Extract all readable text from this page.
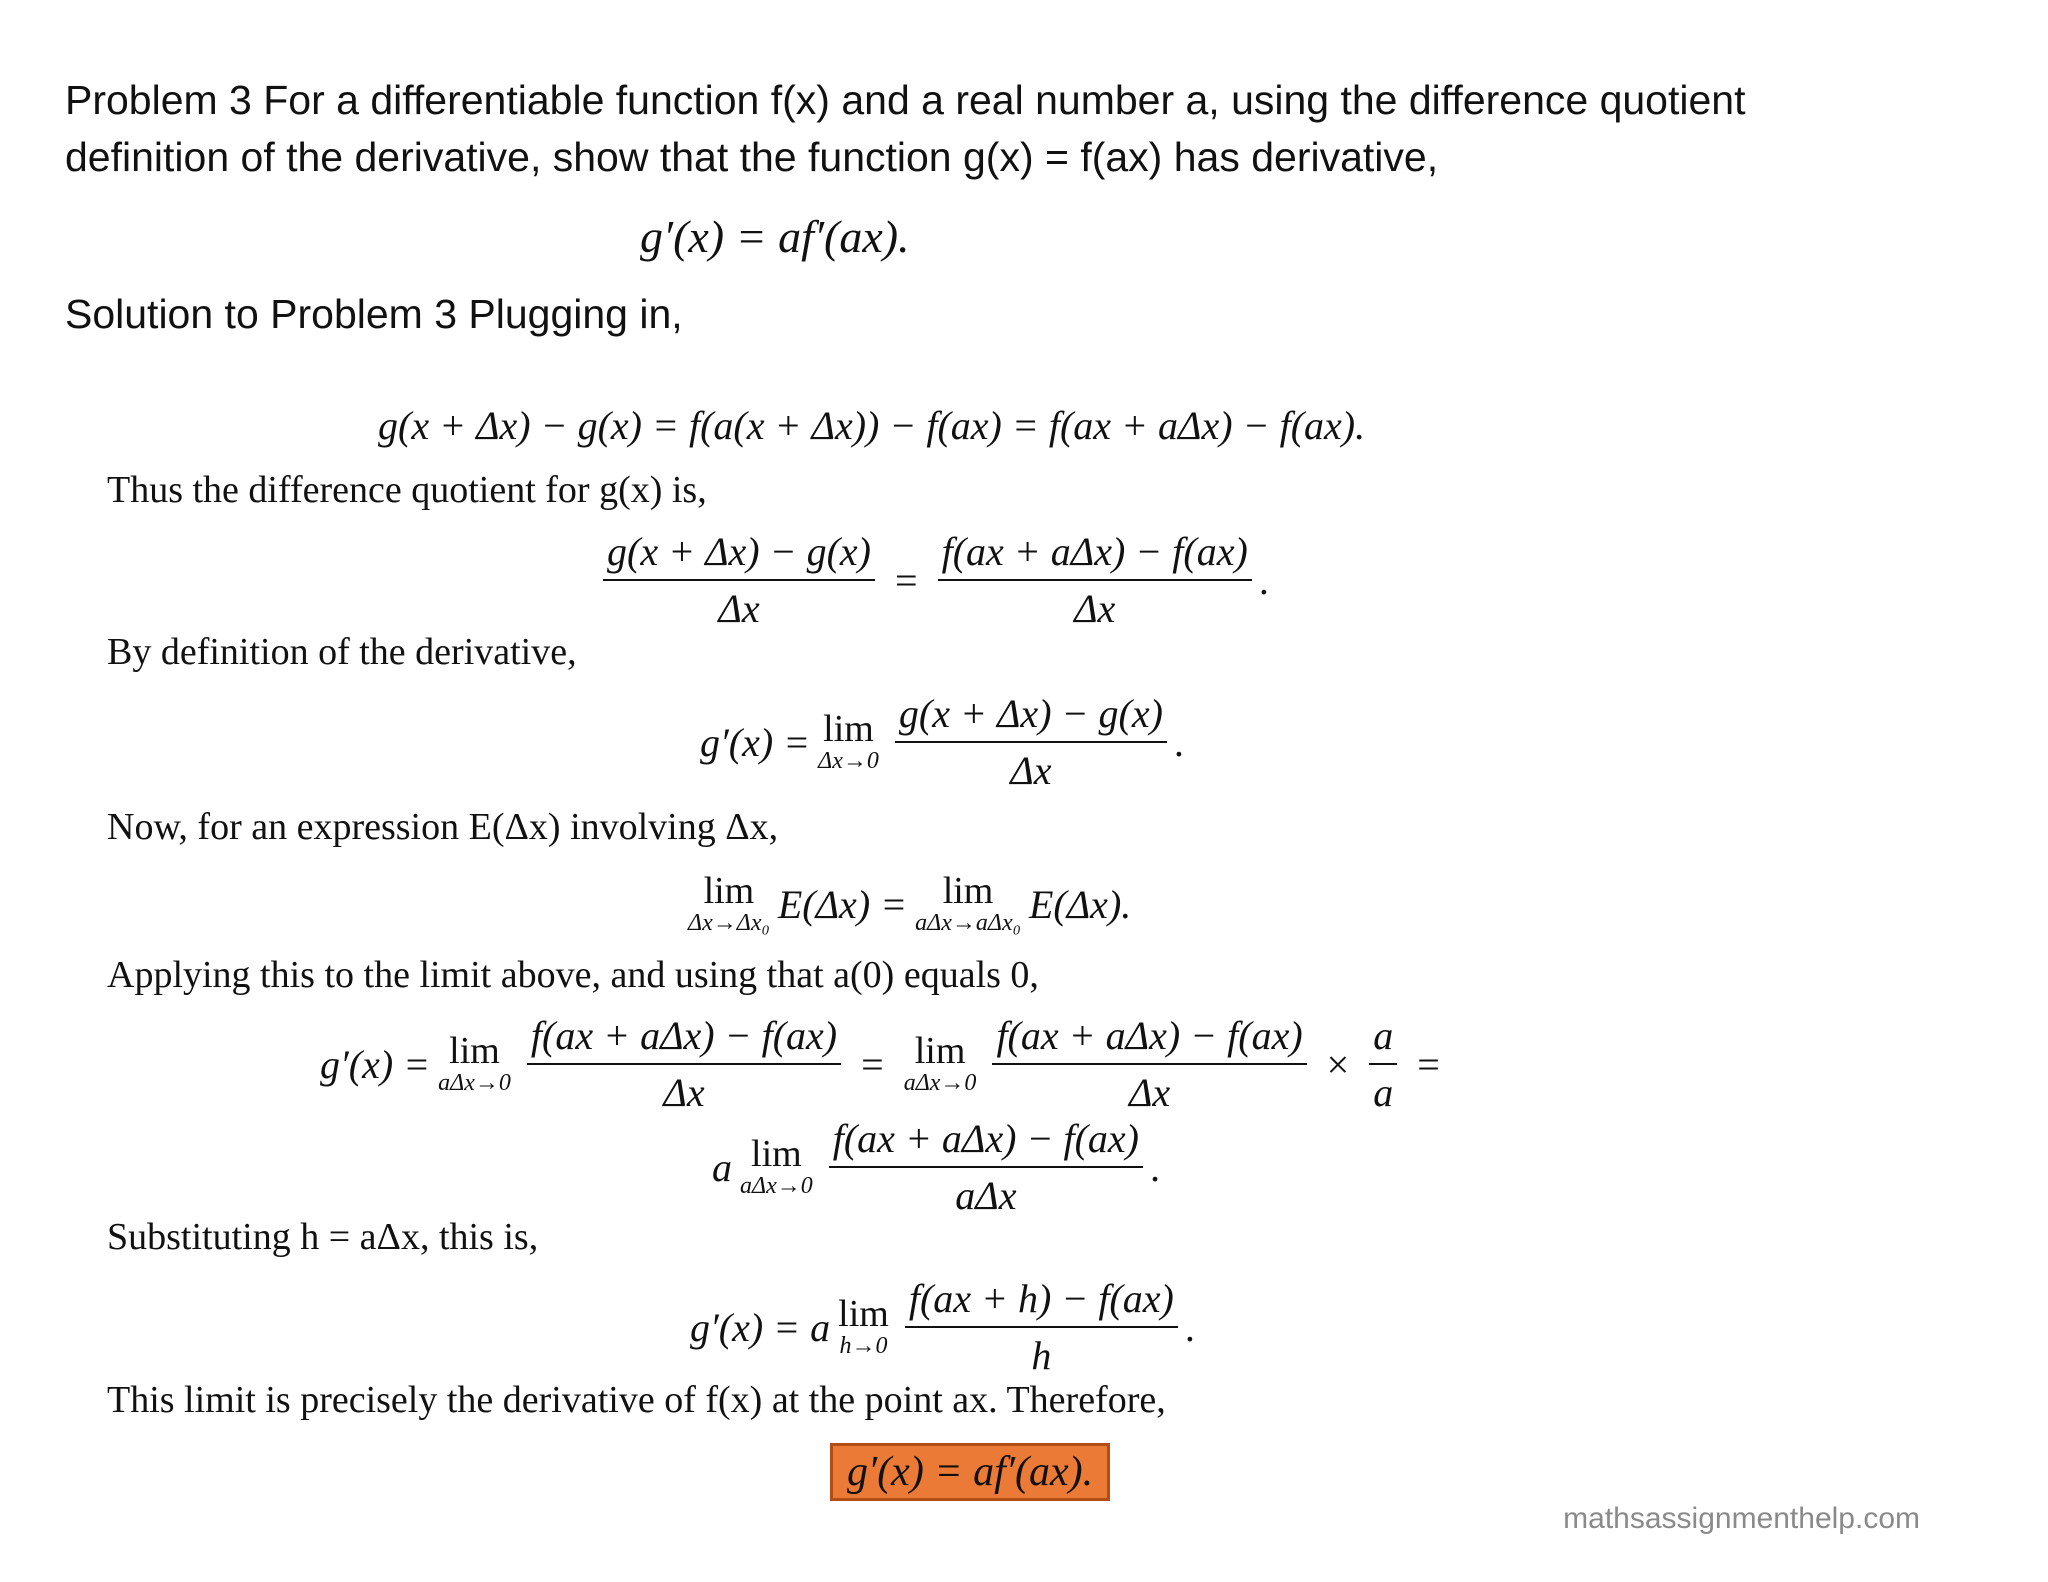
Problem 3 For a differentiable function f(x) and a real number a, using the difference quotient
definition of the derivative, show that the function g(x) = f(ax) has derivative,
g′(x) = af′(ax).
Solution to Problem 3 Plugging in,
g(x + Δx) − g(x) = f(a(x + Δx)) − f(ax) = f(ax + aΔx) − f(ax).
Thus the difference quotient for g(x) is,
$\frac{g(x + \Delta x) - g(x)}{\Delta x} = \frac{\text{f(ax + aΔx) − f(ax)}}{\Delta x}$ .
By definition of the derivative,
g′(x) = lim
$\Delta x\to 0 \frac{g(x + \Delta x) - g(x)}{\Delta x}$ .
Now, for an expression E(Δx) involving Δx,
lim
Δx→Δx₀ E(Δx) = lim
aΔx→aΔx₀ E(Δx).
Applying this to the limit above, and using that a(0) equals 0,
g′(x) = lim
$a\Delta x\to 0 \frac{\text{f(ax + aΔx) − f(ax)}}{\Delta x} = \lim$
$a\Delta x\to 0 \frac{\text{f(ax + aΔx) − f(ax)}}{\Delta x} \times \frac{a}{a}$ =
a lim
$a\Delta x\to 0 \frac{\text{f(ax + aΔx) − f(ax)}}{\text{aΔx}}$ .
Substituting h = aΔx, this is,
g′(x) = a lim
$h\to 0 \frac{f(ax + h) - f(ax)}{h}$ .
This limit is precisely the derivative of f(x) at the point ax. Therefore,
g′(x) = af′(ax).
mathsassignmenthelp.com
